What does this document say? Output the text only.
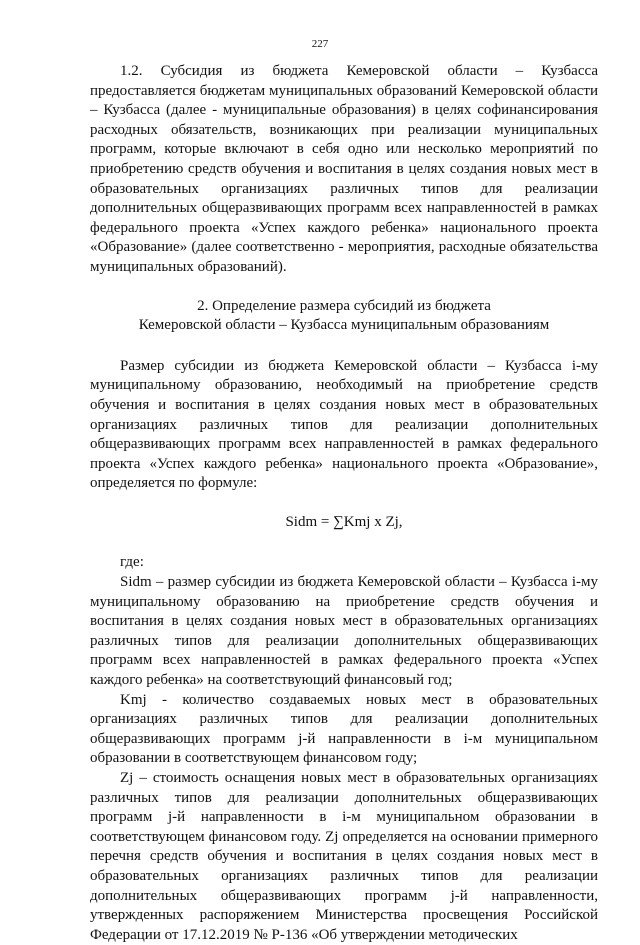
227

1.2. Субсидия из бюджета Кемеровской области – Кузбасса предоставляется бюджетам муниципальных образований Кемеровской области – Кузбасса (далее - муниципальные образования) в целях софинансирования расходных обязательств, возникающих при реализации муниципальных программ, которые включают в себя одно или несколько мероприятий по приобретению средств обучения и воспитания в целях создания новых мест в образовательных организациях различных типов для реализации дополнительных общеразвивающих программ всех направленностей в рамках федерального проекта «Успех каждого ребенка» национального проекта «Образование» (далее соответственно - мероприятия, расходные обязательства муниципальных образований).

2. Определение размера субсидий из бюджета
Кемеровской области – Кузбасса муниципальным образованиям

Размер субсидии из бюджета Кемеровской области – Кузбасса i-му муниципальному образованию, необходимый на приобретение средств обучения и воспитания в целях создания новых мест в образовательных организациях различных типов для реализации дополнительных общеразвивающих программ всех направленностей в рамках федерального проекта «Успех каждого ребенка» национального проекта «Образование», определяется по формуле:

Sidm = ∑Kmj x Zj,

где:

Sidm – размер субсидии из бюджета Кемеровской области – Кузбасса i-му муниципальному образованию на приобретение средств обучения и воспитания в целях создания новых мест в образовательных организациях различных типов для реализации дополнительных общеразвивающих программ всех направленностей в рамках федерального проекта «Успех каждого ребенка» на соответствующий финансовый год;

Kmj - количество создаваемых новых мест в образовательных организациях различных типов для реализации дополнительных общеразвивающих программ j-й направленности в i-м муниципальном образовании в соответствующем финансовом году;

Zj – стоимость оснащения новых мест в образовательных организациях различных типов для реализации дополнительных общеразвивающих программ j-й направленности в i-м муниципальном образовании в соответствующем финансовом году. Zj определяется на основании примерного перечня средств обучения и воспитания в целях создания новых мест в образовательных организациях различных типов для реализации дополнительных общеразвивающих программ j-й направленности, утвержденных распоряжением Министерства просвещения Российской Федерации от 17.12.2019 № Р-136 «Об утверждении методических
